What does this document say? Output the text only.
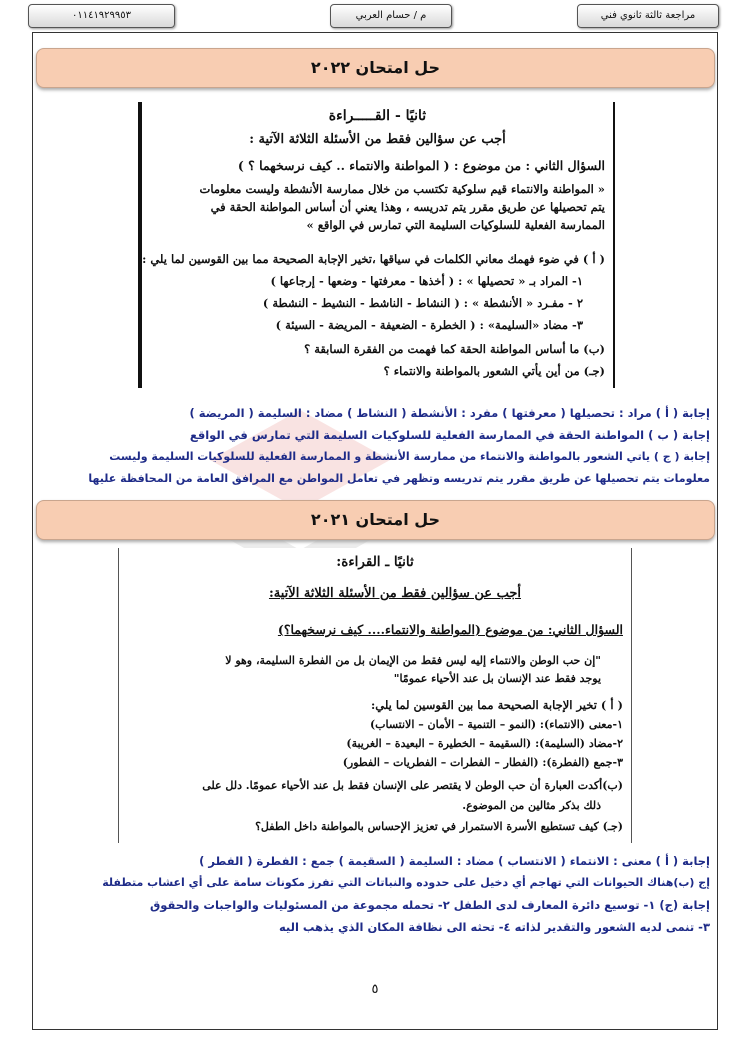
مراجعة ثالثة ثانوي فني
م / حسام العربي
٠١١٤١٩٢٩٩٥٣
حل امتحان ٢٠٢٢
ثانيًا - القـــــراءة
أجب عن سؤالين فقط من الأسئلة الثلاثة الآتية :
السؤال الثاني : من موضوع : ( المواطنة والانتماء .. كيف نرسخهما ؟ )
« المواطنة والانتماء قيم سلوكية تكتسب من خلال ممارسة الأنشطة وليست معلومات
يتم تحصيلها عن طريق مقرر يتم تدريسه ، وهذا يعني أن أساس المواطنة الحقة في
الممارسة الفعلية للسلوكيات السليمة التي تمارس في الواقع »
( أ ) في ضوء فهمك معاني الكلمات في سياقها ،تخير الإجابة الصحيحة مما بين القوسين لما يلي :
١- المراد بـ « تحصيلها » : ( أخذها - معرفتها - وضعها - إرجاعها )
٢ - مفـرد « الأنشطة » : ( النشاط - الناشط - النشيط - النشطة )
٣- مضاد «السليمة» : ( الخطرة - الضعيفة - المريضة - السيئة )
(ب) ما أساس المواطنة الحقة كما فهمت من الفقرة السابقة ؟
(جـ) من أين يأتي الشعور بالمواطنة والانتماء ؟
إجابة ( أ ) مراد : تحصيلها ( معرفتها ) مفرد : الأنشطة ( النشاط ) مضاد : السليمة ( المريضة )
إجابة ( ب ) المواطنة الحقة في الممارسة الفعلية للسلوكيات السليمة التي تمارس في الواقع
إجابة ( ج ) ياتي الشعور بالمواطنة والانتماء من ممارسة الأنشطة و الممارسة الفعلية للسلوكيات السليمة وليست
معلومات يتم تحصيلها عن طريق مقرر يتم تدريسه وتظهر في تعامل المواطن مع المرافق العامة من المحافظة عليها
حل امتحان ٢٠٢١
ثانيًا ـ القراءة:
أجب عن سؤالين فقط من الأسئلة الثلاثة الآتية:
السؤال الثاني: من موضوع (المواطنة والانتماء.... كيف نرسخهما؟)
"إن حب الوطن والانتماء إليه ليس فقط من الإيمان بل من الفطرة السليمة، وهو لا
يوجد فقط عند الإنسان بل عند الأحياء عمومًا"
( أ ) تخير الإجابة الصحيحة مما بين القوسين لما يلي:
١-معنى (الانتماء): (النمو – التنمية – الأمان – الانتساب)
٢-مضاد (السليمة): (السقيمة – الخطيرة – البعيدة – الغريبة)
٣-جمع (الفطرة): (الفطار – الفطرات – الفطريات – الفطور)
(ب)أكدت العبارة أن حب الوطن لا يقتصر على الإنسان فقط بل عند الأحياء عمومًا. دلل على
ذلك بذكر مثالين من الموضوع.
(جـ) كيف تستطيع الأسرة الاستمرار في تعزيز الإحساس بالمواطنة داخل الطفل؟
إجابة ( أ ) معنى : الانتماء ( الانتساب ) مضاد : السليمة ( السقيمة ) جمع : الفطرة ( الفطر )
إج (ب)هناك الحيوانات التي تهاجم أي دخيل على حدوده والنباتات التي تفرز مكونات سامة على أي اعشاب متطفلة
إجابة (ج) ١- توسيع دائرة المعارف لدى الطفل ٢- تحمله مجموعة من المسئوليات والواجبات والحقوق
٣- تنمى لديه الشعور والتقدير لذاته ٤- تحثه الى نظافة المكان الذي يذهب اليه
٥
